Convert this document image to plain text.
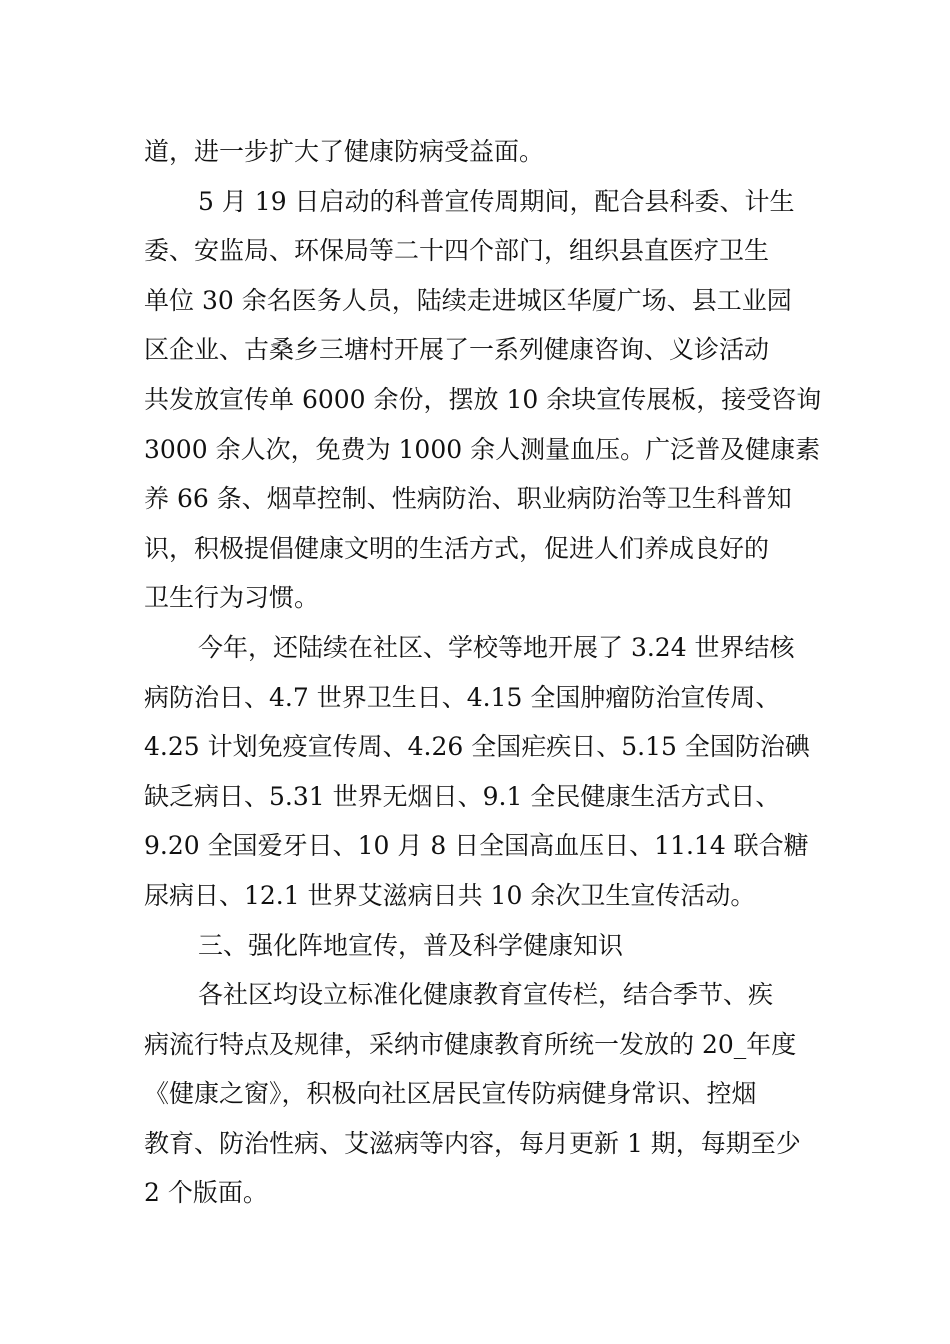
道，进一步扩大了健康防病受益面。
5 月 19 日启动的科普宣传周期间，配合县科委、计生
委、安监局、环保局等二十四个部门，组织县直医疗卫生
单位 30 余名医务人员，陆续走进城区华厦广场、县工业园
区企业、古桑乡三塘村开展了一系列健康咨询、义诊活动
共发放宣传单 6000 余份，摆放 10 余块宣传展板，接受咨询
3000 余人次，免费为 1000 余人测量血压。广泛普及健康素
养 66 条、烟草控制、性病防治、职业病防治等卫生科普知
识，积极提倡健康文明的生活方式，促进人们养成良好的
卫生行为习惯。
今年，还陆续在社区、学校等地开展了 3.24 世界结核
病防治日、4.7 世界卫生日、4.15 全国肿瘤防治宣传周、
4.25 计划免疫宣传周、4.26 全国疟疾日、5.15 全国防治碘
缺乏病日、5.31 世界无烟日、9.1 全民健康生活方式日、
9.20 全国爱牙日、10 月 8 日全国高血压日、11.14 联合糖
尿病日、12.1 世界艾滋病日共 10 余次卫生宣传活动。
三、强化阵地宣传，普及科学健康知识
各社区均设立标准化健康教育宣传栏，结合季节、疾
病流行特点及规律，采纳市健康教育所统一发放的 20_年度
《健康之窗》，积极向社区居民宣传防病健身常识、控烟
教育、防治性病、艾滋病等内容，每月更新 1 期，每期至少
2 个版面。
